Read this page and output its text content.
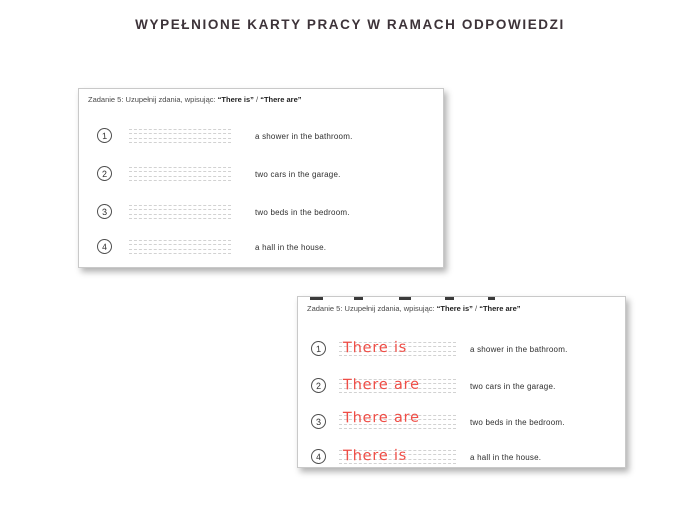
WYPEŁNIONE KARTY PRACY W RAMACH ODPOWIEDZI
Zadanie 5: Uzupełnij zdania, wpisując: “There is” / “There are”
1	a shower in the bathroom.
2	two cars in the garage.
3	two beds in the bedroom.
4	a hall in the house.
Zadanie 5: Uzupełnij zdania, wpisując: “There is” / “There are”
1	There is	a shower in the bathroom.
2	There are	two cars in the garage.
3	There are	two beds in the bedroom.
4	There is	a hall in the house.
